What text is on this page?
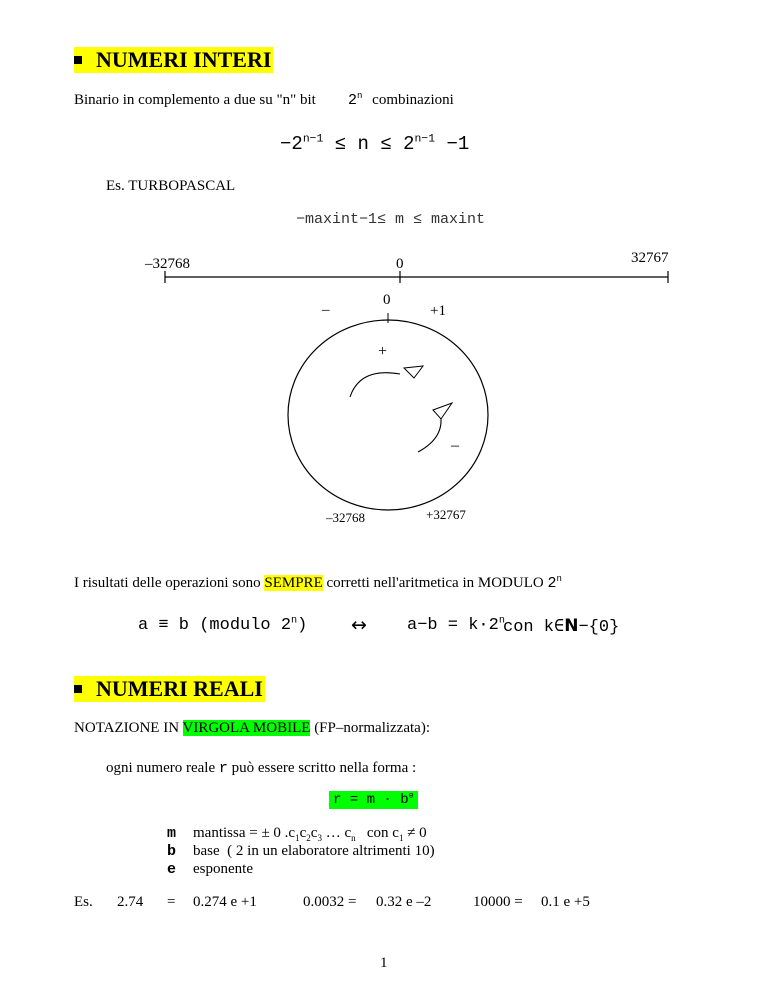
NUMERI INTERI
Binario in complemento a due su "n" bit 2$^n$ combinazioni
$-2^{n-1} \le n \le 2^{n-1} -1$
Es. TURBOPASCAL
−maxint−1≤ m ≤ maxint
–32768	0	32767
0
–	+1
+
–
–32768	+32767
I risultati delle operazioni sono SEMPRE corretti nell'aritmetica in MODULO 2$^n$
a ≡ b (modulo 2$^n$) ↔ $a-b = k\cdot 2^n$
con k∈N−{0}
NUMERI REALI
NOTAZIONE IN VIRGOLA MOBILE (FP–normalizzata):
ogni numero reale r può essere scritto nella forma :
$r = m \cdot b^e$
m mantissa = ± 0 $.c_1c_2c_3$ … $c_n$   con $c_1 \ne 0$
b base  ( 2 in un elaboratore altrimenti 10)
e esponente
Es. 2.74 = 0.274 e +1	0.0032 = 0.32 e –2	10000 = 0.1 e +5
1
